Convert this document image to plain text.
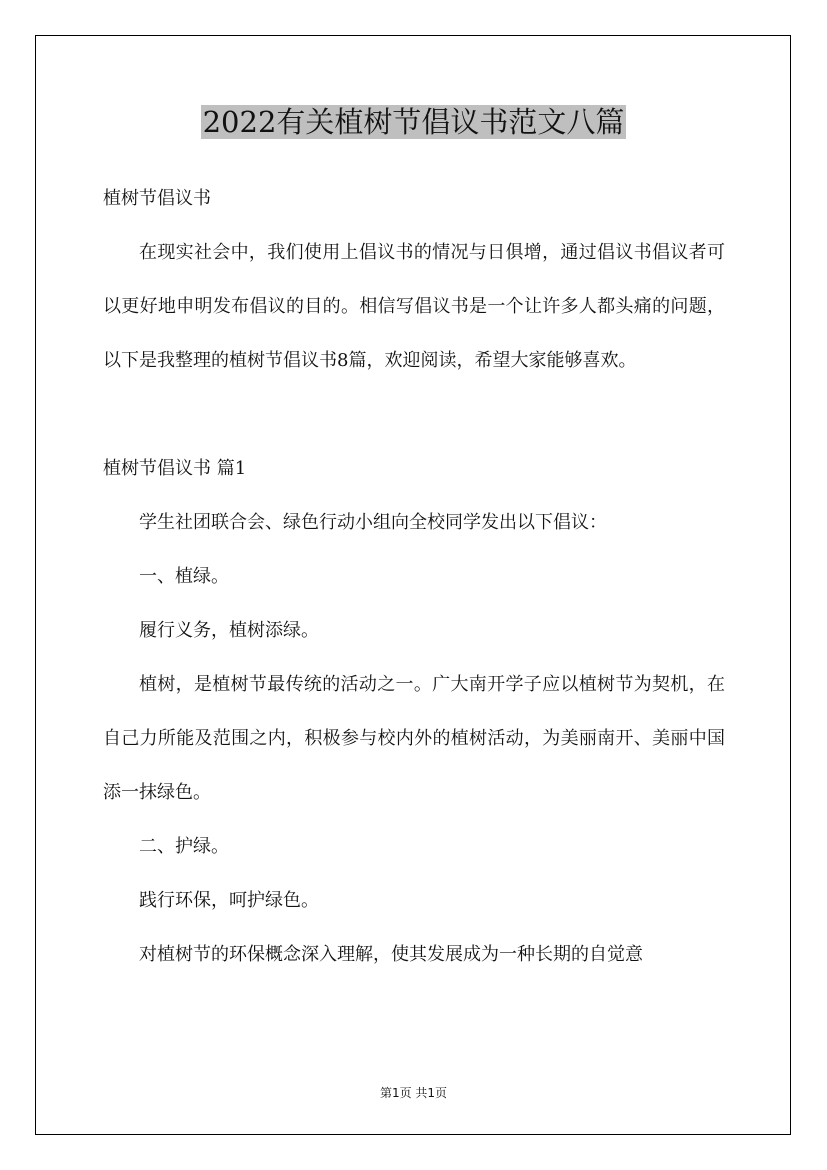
2022有关植树节倡议书范文八篇

植树节倡议书

在现实社会中，我们使用上倡议书的情况与日俱增，通过倡议书倡议者可以更好地申明发布倡议的目的。相信写倡议书是一个让许多人都头痛的问题，以下是我整理的植树节倡议书8篇，欢迎阅读，希望大家能够喜欢。

植树节倡议书 篇1

学生社团联合会、绿色行动小组向全校同学发出以下倡议：

一、植绿。

履行义务，植树添绿。

植树，是植树节最传统的活动之一。广大南开学子应以植树节为契机，在自己力所能及范围之内，积极参与校内外的植树活动，为美丽南开、美丽中国添一抹绿色。

二、护绿。

践行环保，呵护绿色。

对植树节的环保概念深入理解，使其发展成为一种长期的自觉意

第1页 共1页
